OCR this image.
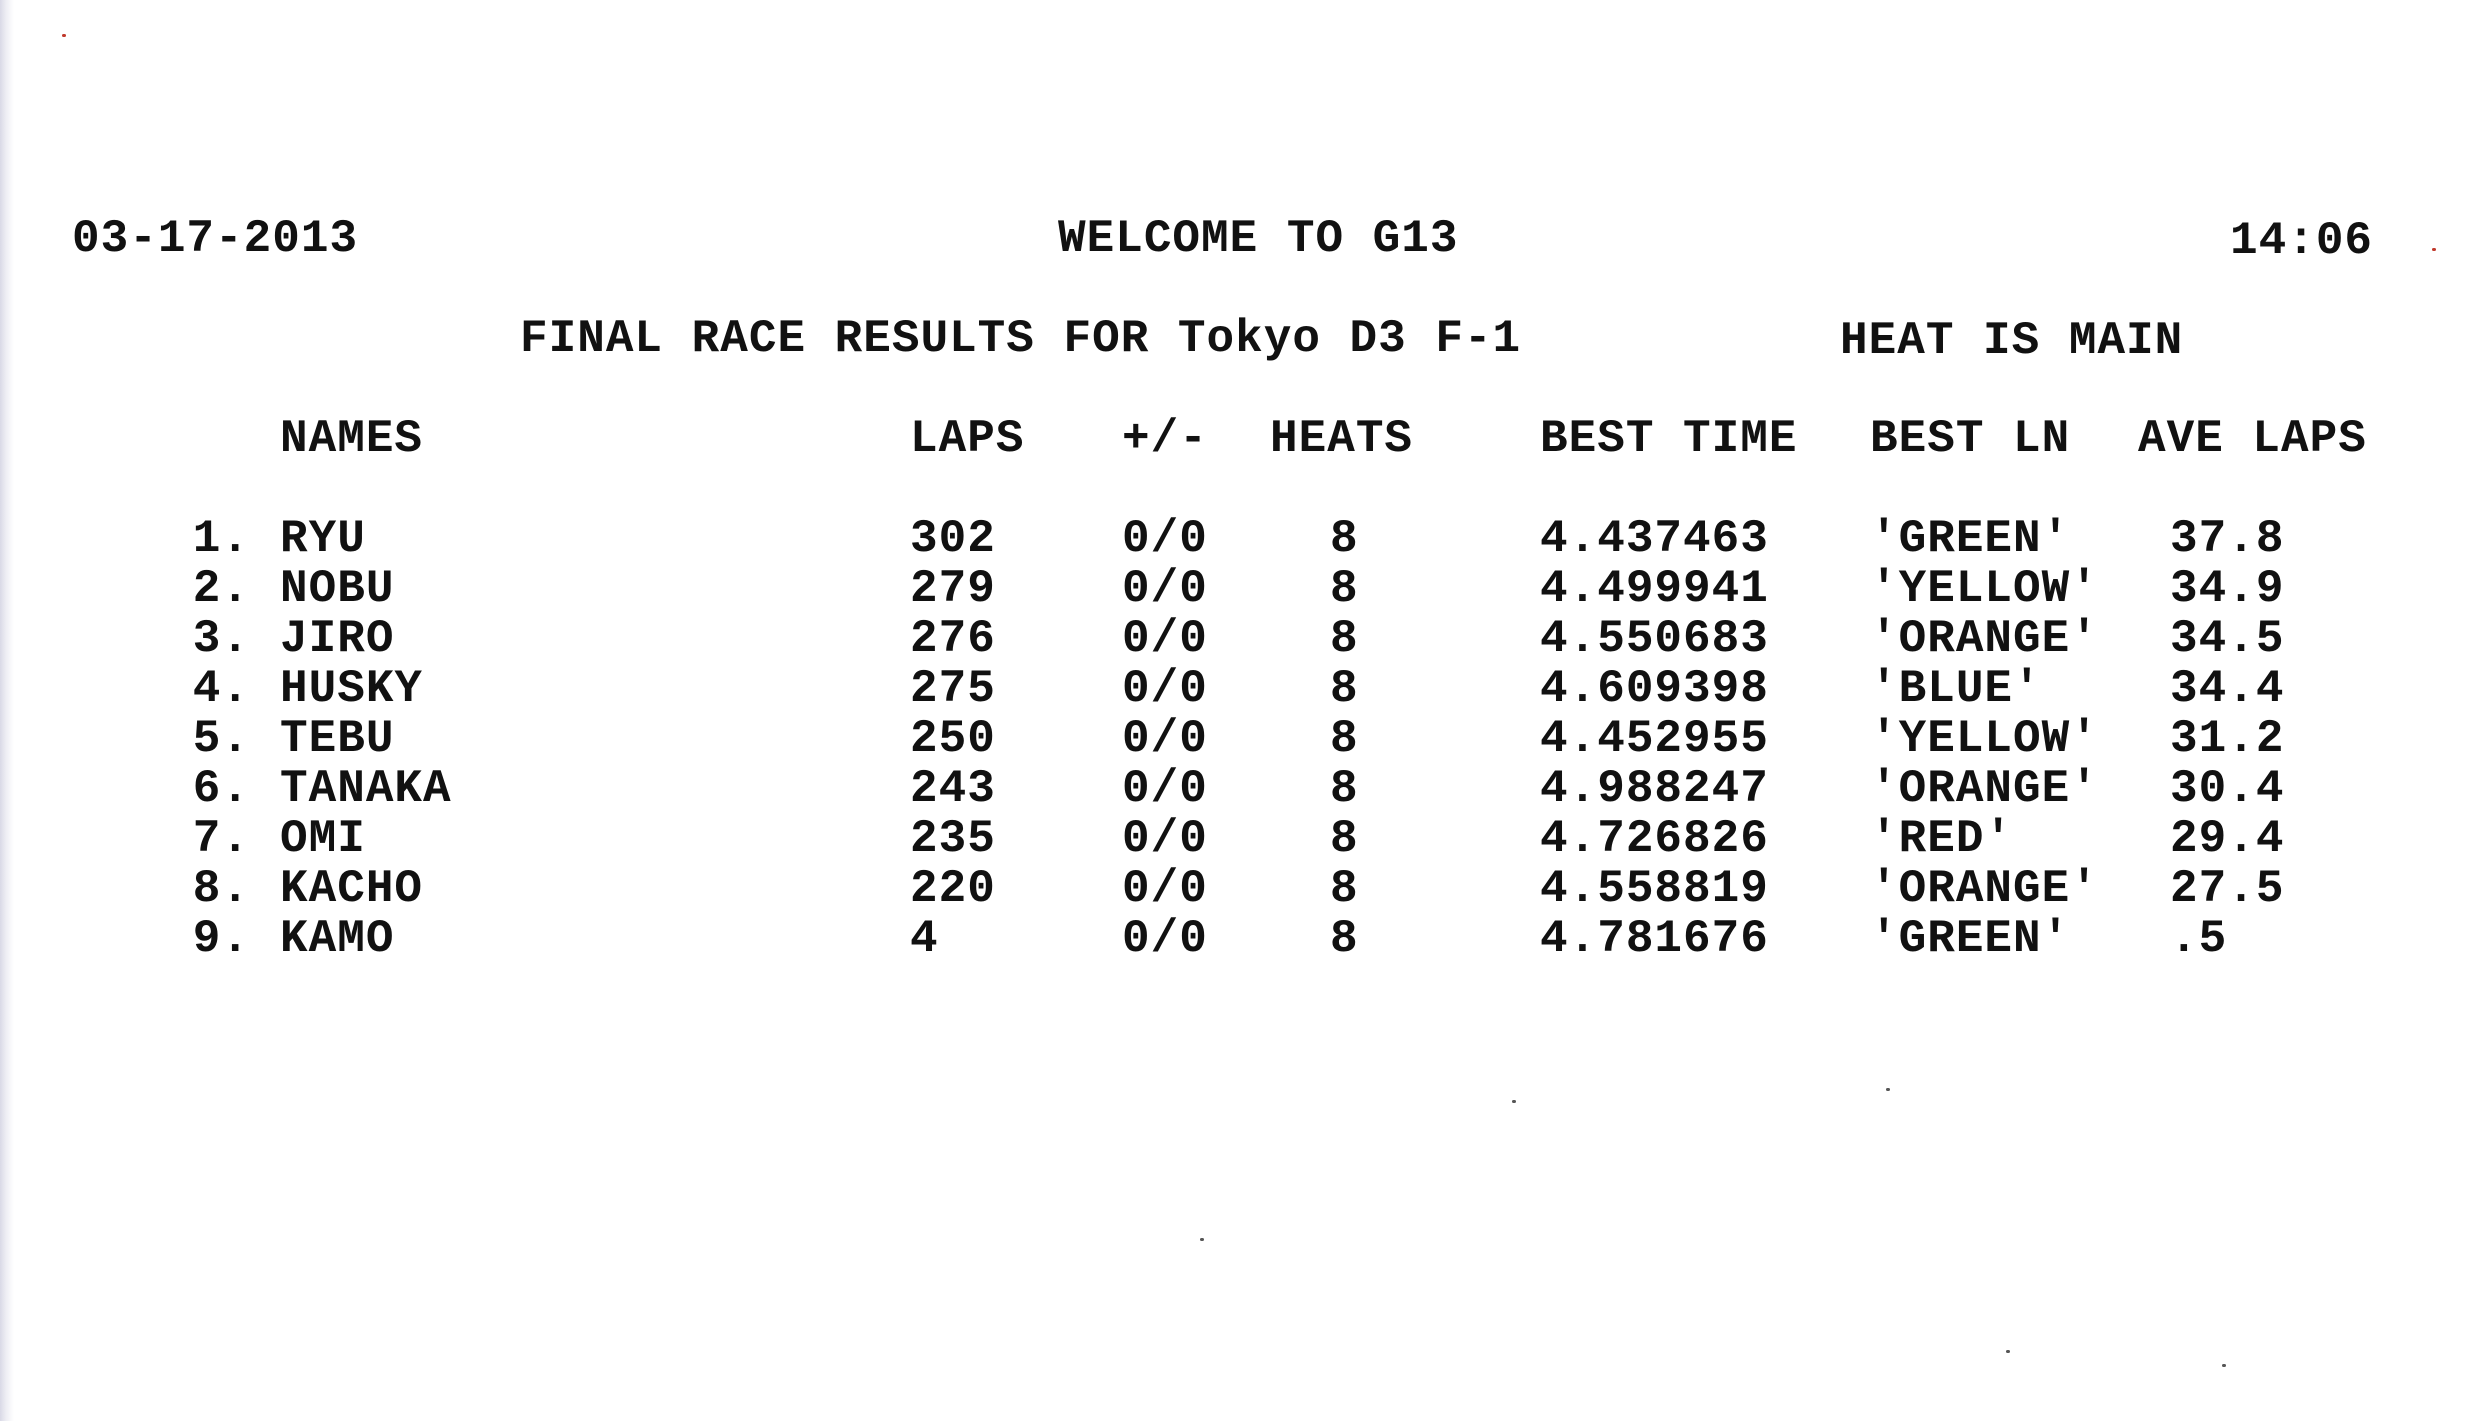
03-17-2013	WELCOME TO G13	14:06
FINAL RACE RESULTS FOR Tokyo D3 F-1	HEAT IS MAIN
NAMES	LAPS +/- HEATS	BEST TIME BEST LN AVE LAPS
1. RYU	302	0/0	8	4.437463 'GREEN' 37.8
2. NOBU	279	0/0	8	4.499941 'YELLOW' 34.9
3. JIRO	276	0/0	8	4.550683 'ORANGE' 34.5
4. HUSKY	275	0/0	8	4.609398 'BLUE'	34.4
5. TEBU	250	0/0	8	4.452955 'YELLOW' 31.2
6. TANAKA	243	0/0	8	4.988247 'ORANGE' 30.4
7. OMI	235	0/0	8	4.726826 'RED'	29.4
8. KACHO	220	0/0	8	4.558819 'ORANGE' 27.5
9. KAMO	4	0/0	8	4.781676 'GREEN' .5
